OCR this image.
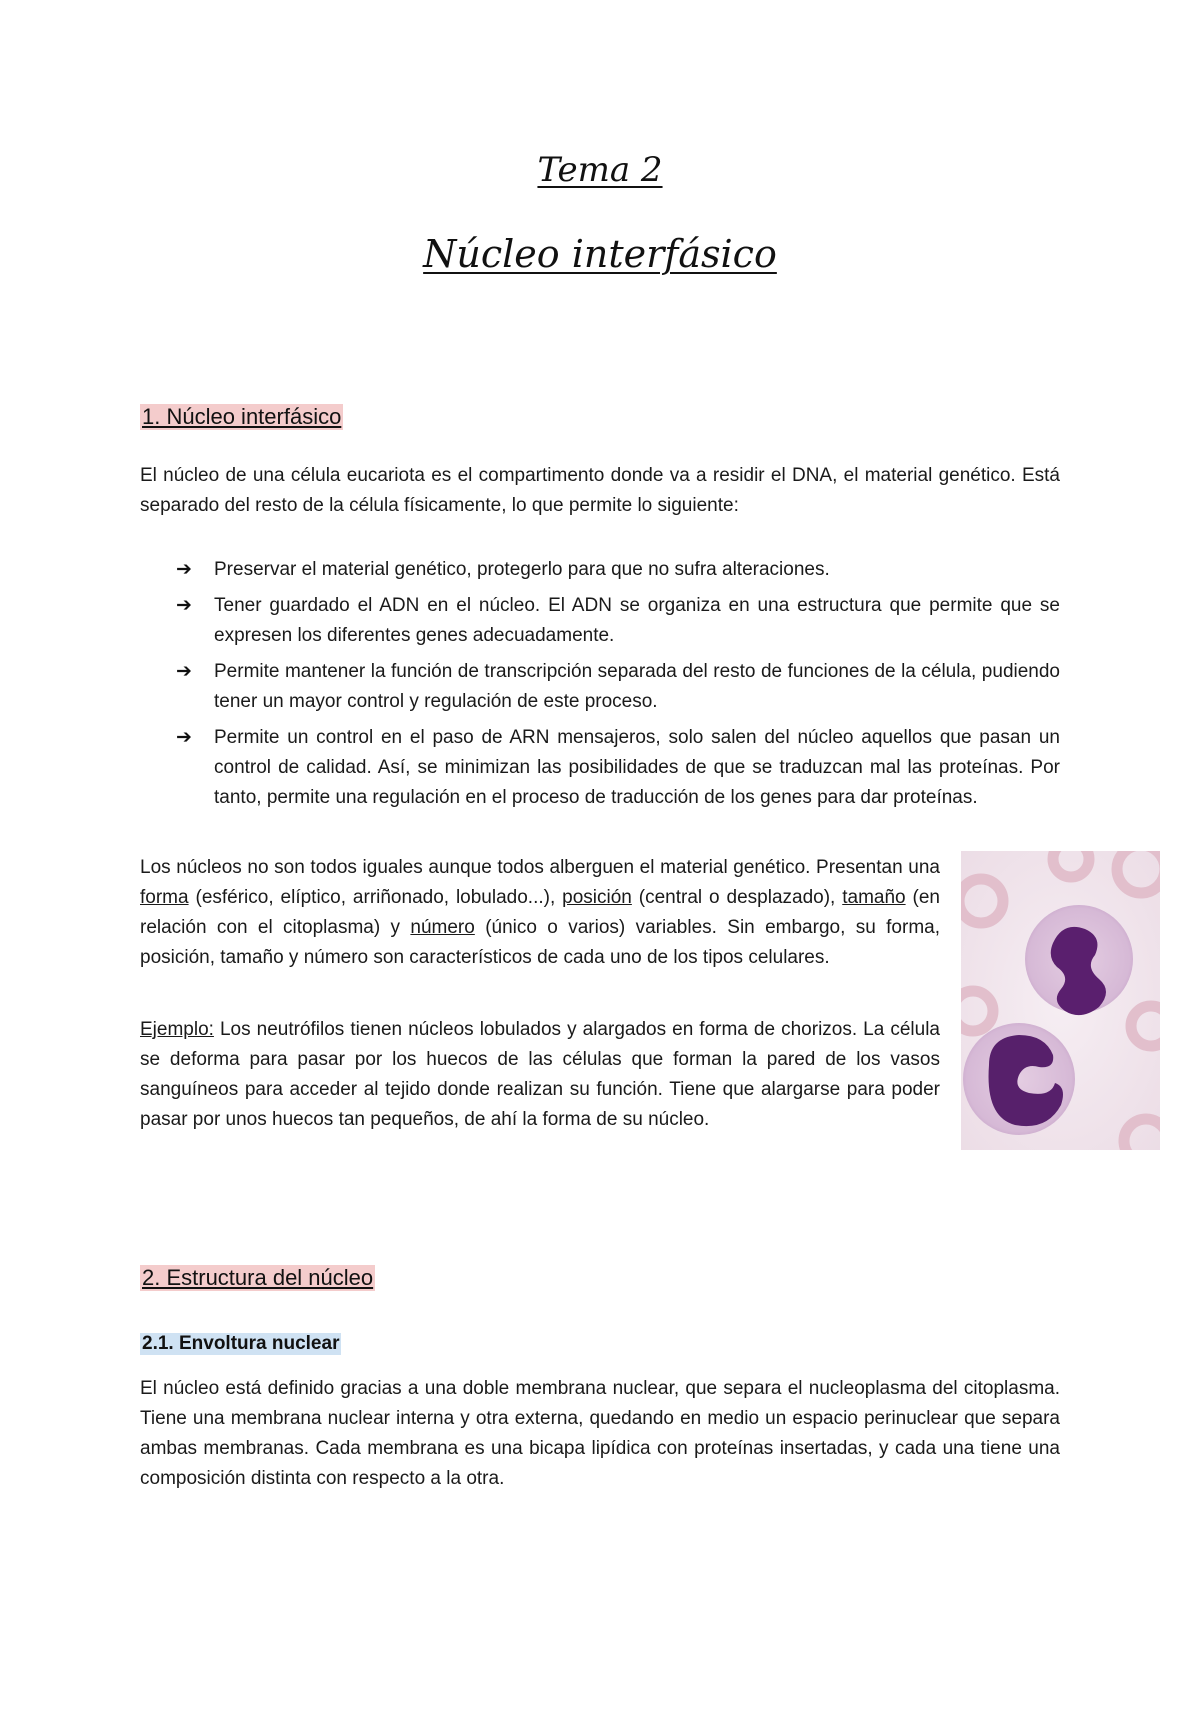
Tema 2
Núcleo interfásico
1. Núcleo interfásico

El núcleo de una célula eucariota es el compartimento donde va a residir el DNA, el material genético. Está separado del resto de la célula físicamente, lo que permite lo siguiente:

➔ Preservar el material genético, protegerlo para que no sufra alteraciones.
➔ Tener guardado el ADN en el núcleo. El ADN se organiza en una estructura que permite que se expresen los diferentes genes adecuadamente.
➔ Permite mantener la función de transcripción separada del resto de funciones de la célula, pudiendo tener un mayor control y regulación de este proceso.
➔ Permite un control en el paso de ARN mensajeros, solo salen del núcleo aquellos que pasan un control de calidad. Así, se minimizan las posibilidades de que se traduzcan mal las proteínas. Por tanto, permite una regulación en el proceso de traducción de los genes para dar proteínas.

Los núcleos no son todos iguales aunque todos alberguen el material genético. Presentan una forma (esférico, elíptico, arriñonado, lobulado...), posición (central o desplazado), tamaño (en relación con el citoplasma) y número (único o varios) variables. Sin embargo, su forma, posición, tamaño y número son característicos de cada uno de los tipos celulares.

Ejemplo: Los neutrófilos tienen núcleos lobulados y alargados en forma de chorizos. La célula se deforma para pasar por los huecos de las células que forman la pared de los vasos sanguíneos para acceder al tejido donde realizan su función. Tiene que alargarse para poder pasar por unos huecos tan pequeños, de ahí la forma de su núcleo.

2. Estructura del núcleo
2.1. Envoltura nuclear

El núcleo está definido gracias a una doble membrana nuclear, que separa el nucleoplasma del citoplasma. Tiene una membrana nuclear interna y otra externa, quedando en medio un espacio perinuclear que separa ambas membranas. Cada membrana es una bicapa lipídica con proteínas insertadas, y cada una tiene una composición distinta con respecto a la otra.
